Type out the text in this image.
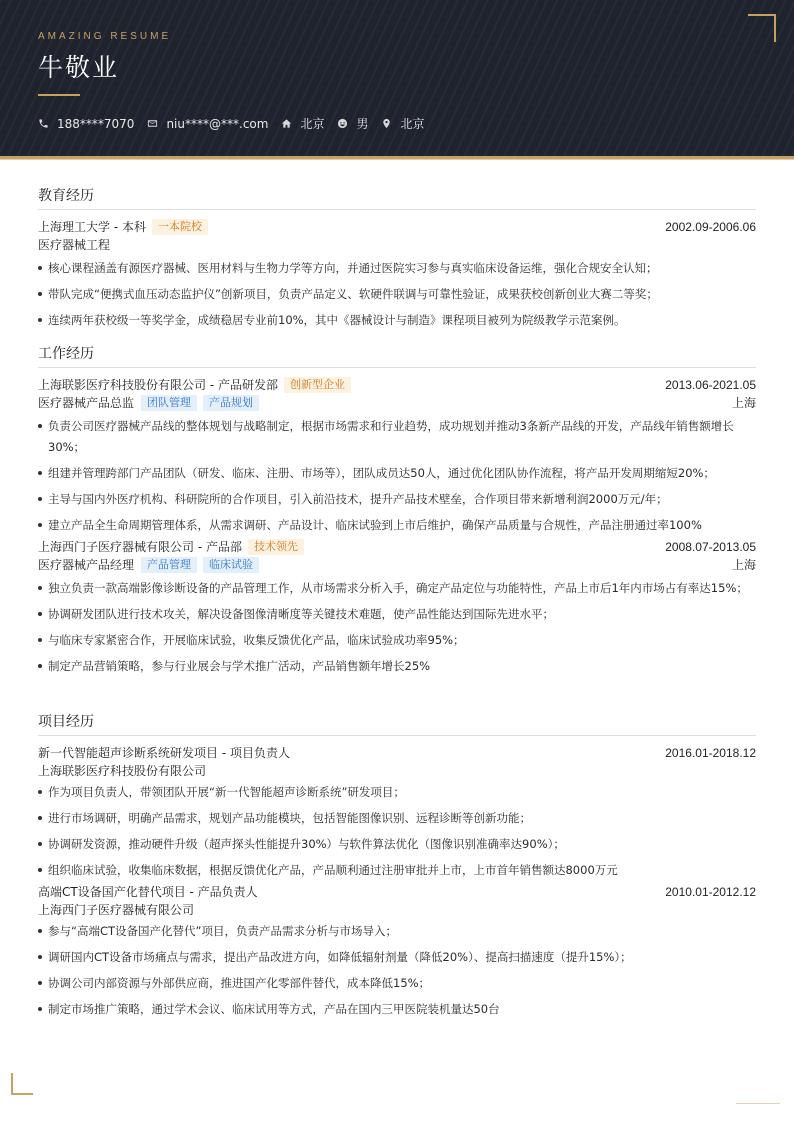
AMAZING RESUME
牛敬业
188****7070	niu****@***.com	北京	男	北京
教育经历
上海理工大学 - 本科	一本院校	2002.09-2006.06
医疗器械工程
核心课程涵盖有源医疗器械、医用材料与生物力学等方向，并通过医院实习参与真实临床设备运维，强化合规安全认知；
带队完成“便携式血压动态监护仪”创新项目，负责产品定义、软硬件联调与可靠性验证，成果获校创新创业大赛二等奖；
连续两年获校级一等奖学金，成绩稳居专业前10%，其中《器械设计与制造》课程项目被列为院级教学示范案例。
工作经历
上海联影医疗科技股份有限公司 - 产品研发部	创新型企业	2013.06-2021.05
医疗器械产品总监	团队管理	产品规划	上海
负责公司医疗器械产品线的整体规划与战略制定，根据市场需求和行业趋势，成功规划并推动3条新产品线的开发，产品线年销售额增长30%；
组建并管理跨部门产品团队（研发、临床、注册、市场等），团队成员达50人，通过优化团队协作流程，将产品开发周期缩短20%；
主导与国内外医疗机构、科研院所的合作项目，引入前沿技术，提升产品技术壁垒，合作项目带来新增利润2000万元/年；
建立产品全生命周期管理体系，从需求调研、产品设计、临床试验到上市后维护，确保产品质量与合规性，产品注册通过率100%
上海西门子医疗器械有限公司 - 产品部	技术领先	2008.07-2013.05
医疗器械产品经理	产品管理	临床试验	上海
独立负责一款高端影像诊断设备的产品管理工作，从市场需求分析入手，确定产品定位与功能特性，产品上市后1年内市场占有率达15%；
协调研发团队进行技术攻关，解决设备图像清晰度等关键技术难题，使产品性能达到国际先进水平；
与临床专家紧密合作，开展临床试验，收集反馈优化产品，临床试验成功率95%；
制定产品营销策略，参与行业展会与学术推广活动，产品销售额年增长25%
项目经历
新一代智能超声诊断系统研发项目 - 项目负责人	2016.01-2018.12
上海联影医疗科技股份有限公司
作为项目负责人，带领团队开展“新一代智能超声诊断系统”研发项目；
进行市场调研，明确产品需求，规划产品功能模块，包括智能图像识别、远程诊断等创新功能；
协调研发资源，推动硬件升级（超声探头性能提升30%）与软件算法优化（图像识别准确率达90%）；
组织临床试验，收集临床数据，根据反馈优化产品，产品顺利通过注册审批并上市，上市首年销售额达8000万元
高端CT设备国产化替代项目 - 产品负责人	2010.01-2012.12
上海西门子医疗器械有限公司
参与“高端CT设备国产化替代”项目，负责产品需求分析与市场导入；
调研国内CT设备市场痛点与需求，提出产品改进方向，如降低辐射剂量（降低20%）、提高扫描速度（提升15%）；
协调公司内部资源与外部供应商，推进国产化零部件替代，成本降低15%；
制定市场推广策略，通过学术会议、临床试用等方式，产品在国内三甲医院装机量达50台
